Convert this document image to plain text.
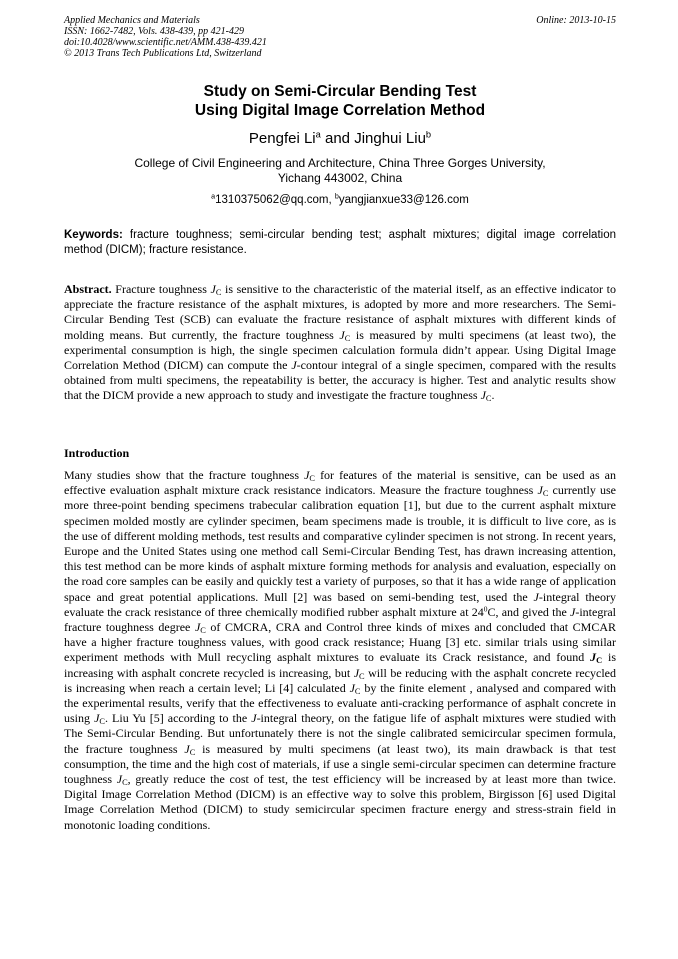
Applied Mechanics and Materials
ISSN: 1662-7482, Vols. 438-439, pp 421-429
doi:10.4028/www.scientific.net/AMM.438-439.421
© 2013 Trans Tech Publications Ltd, Switzerland
Online: 2013-10-15
Study on Semi-Circular Bending Test
Using Digital Image Correlation Method
Pengfei Li$^a$ and Jinghui Liu$^b$
College of Civil Engineering and Architecture, China Three Gorges University,
Yichang 443002, China
$^a$1310375062@qq.com, $^b$yangjianxue33@126.com
Keywords: fracture toughness; semi-circular bending test; asphalt mixtures; digital image correlation method (DICM); fracture resistance.
Abstract. Fracture toughness $J_C$ is sensitive to the characteristic of the material itself, as an effective indicator to appreciate the fracture resistance of the asphalt mixtures, is adopted by more and more researchers. The Semi-Circular Bending Test (SCB) can evaluate the fracture resistance of asphalt mixtures with different kinds of molding means. But currently, the fracture toughness $J_C$ is measured by multi specimens (at least two), the experimental consumption is high, the single specimen calculation formula didn’t appear. Using Digital Image Correlation Method (DICM) can compute the J-contour integral of a single specimen, compared with the results obtained from multi specimens, the repeatability is better, the accuracy is higher. Test and analytic results show that the DICM provide a new approach to study and investigate the fracture toughness $J_C$.
Introduction
Many studies show that the fracture toughness $J_C$ for features of the material is sensitive, can be used as an effective evaluation asphalt mixture crack resistance indicators. Measure the fracture toughness $J_C$ currently use more three-point bending specimens trabecular calibration equation [1], but due to the current asphalt mixture specimen molded mostly are cylinder specimen, beam specimens made is trouble, it is difficult to live core, as is the use of different molding methods, test results and comparative cylinder specimen is not strong. In recent years, Europe and the United States using one method call Semi-Circular Bending Test, has drawn increasing attention, this test method can be more kinds of asphalt mixture forming methods for analysis and evaluation, especially on the road core samples can be easily and quickly test a variety of purposes, so that it has a wide range of application space and great potential applications. Mull [2] was based on semi-bending test, used the J-integral theory evaluate the crack resistance of three chemically modified rubber asphalt mixture at $24^0C$, and gived the J-integral fracture toughness degree $J_C$ of CMCRA, CRA and Control three kinds of mixes and concluded that CMCAR have a higher fracture toughness values, with good crack resistance; Huang [3] etc. similar trials using similar experiment methods with Mull recycling asphalt mixtures to evaluate its Crack resistance, and found $J_C$ is increasing with asphalt concrete recycled is increasing, but $J_C$ will be reducing with the asphalt concrete recycled is increasing when reach a certain level; Li [4] calculated $J_C$ by the finite element , analysed and compared with the experimental results, verify that the effectiveness to evaluate anti-cracking performance of asphalt concrete in using $J_C$. Liu Yu [5] according to the J-integral theory, on the fatigue life of asphalt mixtures were studied with The Semi-Circular Bending. But unfortunately there is not the single calibrated semicircular specimen formula, the fracture toughness $J_C$ is measured by multi specimens (at least two), its main drawback is that test consumption, the time and the high cost of materials, if use a single semi-circular specimen can determine fracture toughness $J_C$, greatly reduce the cost of test, the test efficiency will be increased by at least more than twice. Digital Image Correlation Method (DICM) is an effective way to solve this problem, Birgisson [6] used Digital Image Correlation Method (DICM) to study semicircular specimen fracture energy and stress-strain field in monotonic loading conditions.
